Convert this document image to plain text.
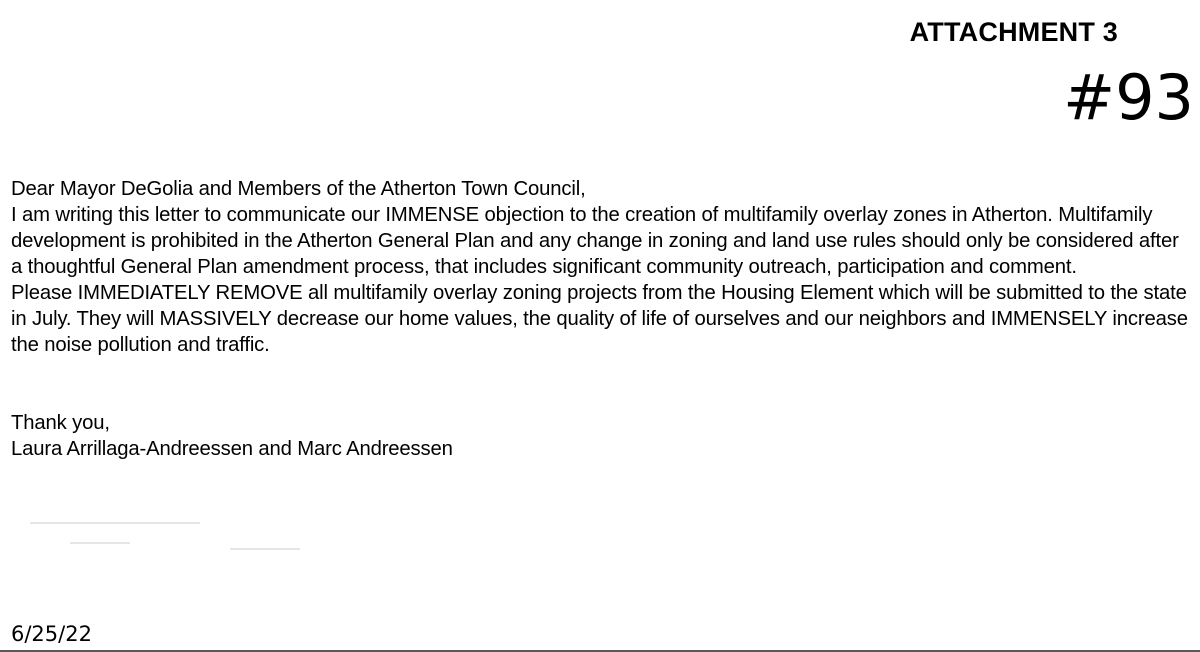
ATTACHMENT 3
#93

Dear Mayor DeGolia and Members of the Atherton Town Council,

I am writing this letter to communicate our IMMENSE objection to the creation of multifamily overlay zones in Atherton. Multifamily development is prohibited in the Atherton General Plan and any change in zoning and land use rules should only be considered after a thoughtful General Plan amendment process, that includes significant community outreach, participation and comment.

Please IMMEDIATELY REMOVE all multifamily overlay zoning projects from the Housing Element which will be submitted to the state in July. They will MASSIVELY decrease our home values, the quality of life of ourselves and our neighbors and IMMENSELY increase the noise pollution and traffic.

Thank you,

Laura Arrillaga-Andreessen and Marc Andreessen

6/25/22
